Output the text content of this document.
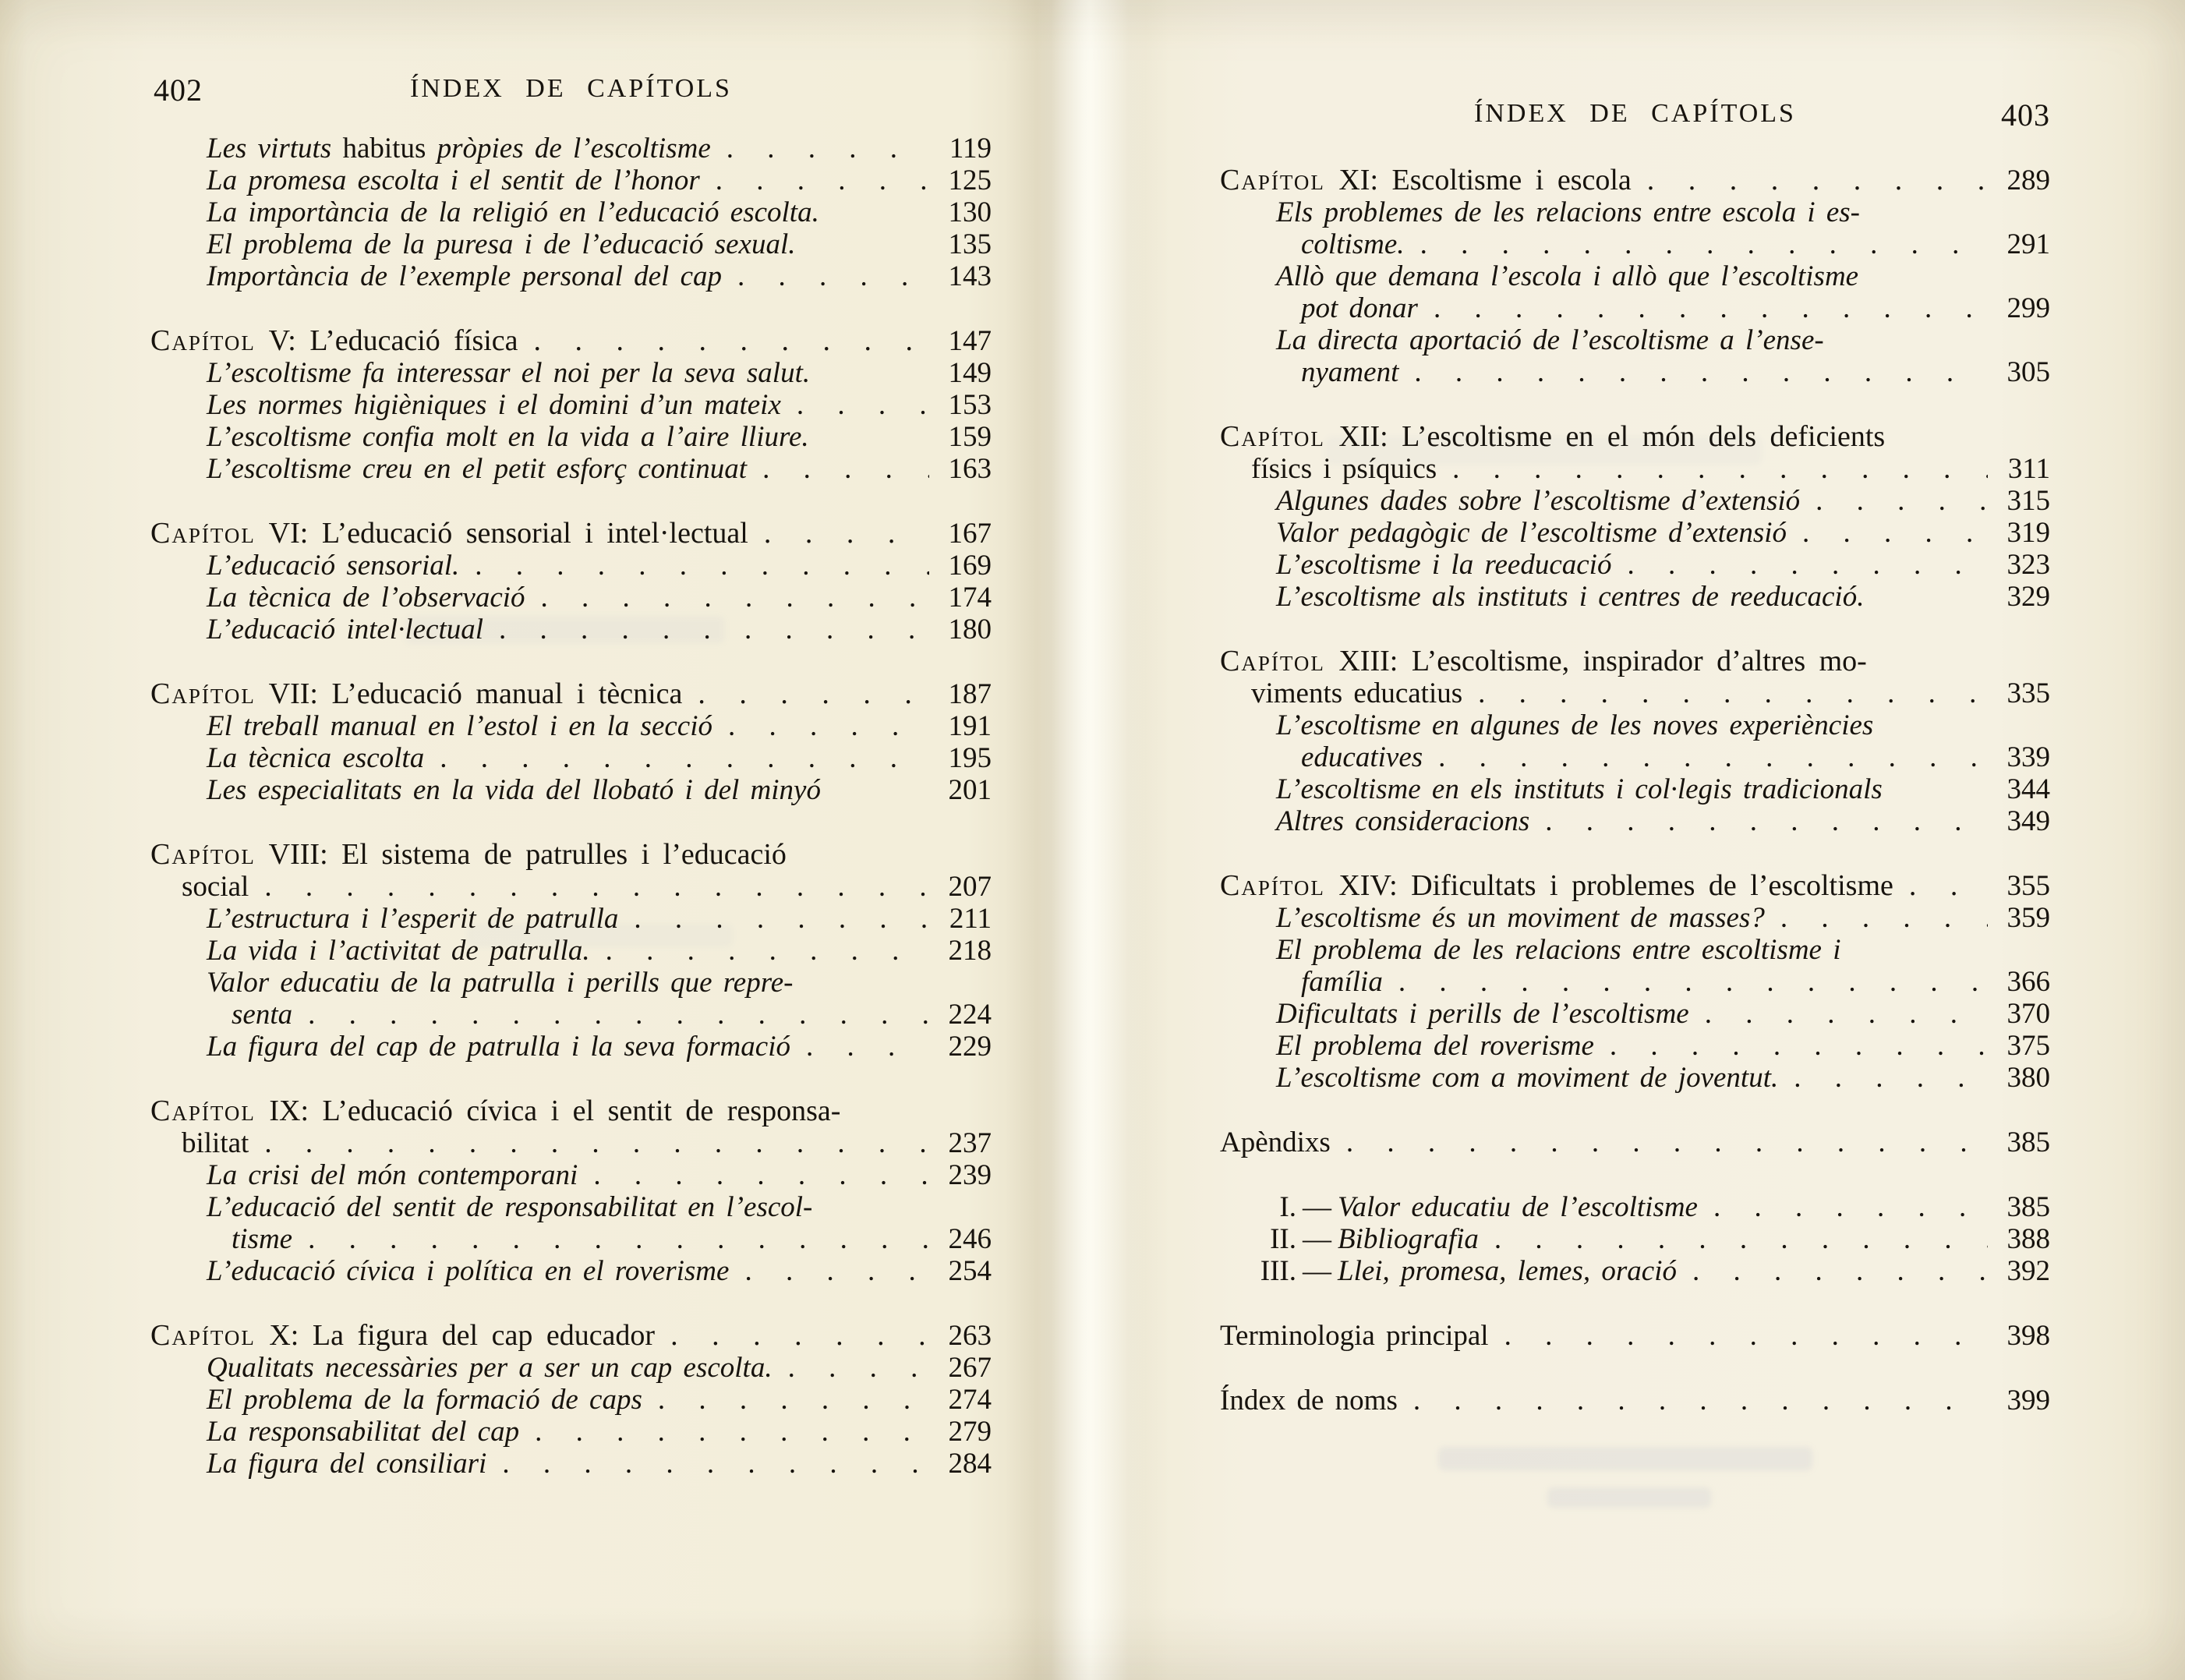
402	ÍNDEX DE CAPÍTOLS
Les virtuts habitus pròpies de l’escoltisme . . .	119
La promesa escolta i el sentit de l’honor . . .	125
La importància de la religió en l’educació escolta.	130
El problema de la puresa i de l’educació sexual.	135
Importància de l’exemple personal del cap . . .	143
Capítol V: L’educació física . . .	147
L’escoltisme fa interessar el noi per la seva salut.	149
Les normes higièniques i el domini d’un mateix . . .	153
L’escoltisme confia molt en la vida a l’aire lliure.	159
L’escoltisme creu en el petit esforç continuat . . .	163
Capítol VI: L’educació sensorial i intel·lectual . . .	167
L’educació sensorial. . . .	169
La tècnica de l’observació . . .	174
L’educació intel·lectual . . .	180
Capítol VII: L’educació manual i tècnica . . .	187
El treball manual en l’estol i en la secció . . .	191
La tècnica escolta . . .	195
Les especialitats en la vida del llobató i del minyó	201
Capítol VIII: El sistema de patrulles i l’educació
social . . .	207
L’estructura i l’esperit de patrulla . . .	211
La vida i l’activitat de patrulla. . . .	218
Valor educatiu de la patrulla i perills que repre-
senta . . .	224
La figura del cap de patrulla i la seva formació . . .	229
Capítol IX: L’educació cívica i el sentit de responsa-
bilitat . . .	237
La crisi del món contemporani . . .	239
L’educació del sentit de responsabilitat en l’escol-
tisme . . .	246
L’educació cívica i política en el roverisme . . .	254
Capítol X: La figura del cap educador . . .	263
Qualitats necessàries per a ser un cap escolta. . . .	267
El problema de la formació de caps . . .	274
La responsabilitat del cap . . .	279
La figura del consiliari . . .	284
ÍNDEX DE CAPÍTOLS	403
Capítol XI: Escoltisme i escola . . .	289
Els problemes de les relacions entre escola i es-
coltisme. . . .	291
Allò que demana l’escola i allò que l’escoltisme
pot donar . . .	299
La directa aportació de l’escoltisme a l’ense-
nyament . . .	305
Capítol XII: L’escoltisme en el món dels deficients
físics i psíquics . . .	311
Algunes dades sobre l’escoltisme d’extensió . . .	315
Valor pedagògic de l’escoltisme d’extensió . . .	319
L’escoltisme i la reeducació . . .	323
L’escoltisme als instituts i centres de reeducació.	329
Capítol XIII: L’escoltisme, inspirador d’altres mo-
viments educatius . . .	335
L’escoltisme en algunes de les noves experiències
educatives . . .	339
L’escoltisme en els instituts i col·legis tradicionals	344
Altres consideracions . . .	349
Capítol XIV: Dificultats i problemes de l’escoltisme . . .	355
L’escoltisme és un moviment de masses? . . .	359
El problema de les relacions entre escoltisme i
família . . .	366
Dificultats i perills de l’escoltisme . . .	370
El problema del roverisme . . .	375
L’escoltisme com a moviment de joventut. . . .	380
Apèndixs . . .	385
I. — Valor educatiu de l’escoltisme . . .	385
II. — Bibliografia . . .	388
III. — Llei, promesa, lemes, oració . . .	392
Terminologia principal . . .	398
Índex de noms . . .	399
